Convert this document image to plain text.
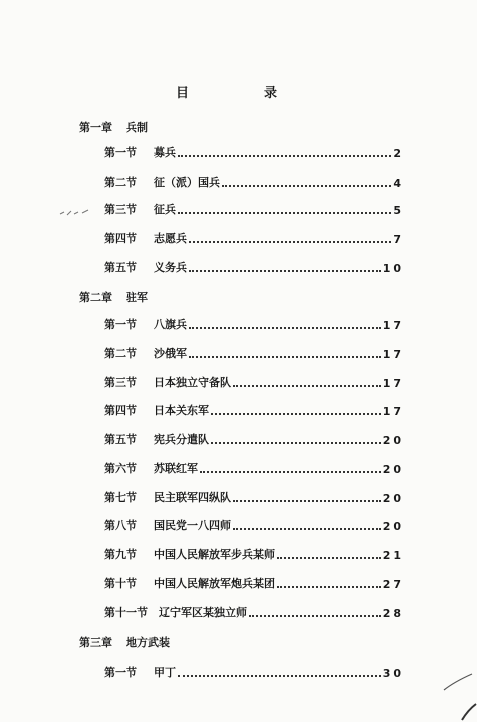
目	录
第一章 兵制
第一节	募兵	2
第二节	征（派）国兵	4
第三节	征兵	5
第四节	志愿兵	7
第五节	义务兵	10
第二章 驻军
第一节	八旗兵	17
第二节	沙俄军	17
第三节	日本独立守备队	17
第四节	日本关东军	17
第五节	宪兵分遣队	20
第六节	苏联红军	20
第七节	民主联军四纵队	20
第八节	国民党一八四师	20
第九节	中国人民解放军步兵某师	21
第十节	中国人民解放军炮兵某团	27
第十一节	辽宁军区某独立师	28
第三章 地方武装
第一节	甲丁	30
